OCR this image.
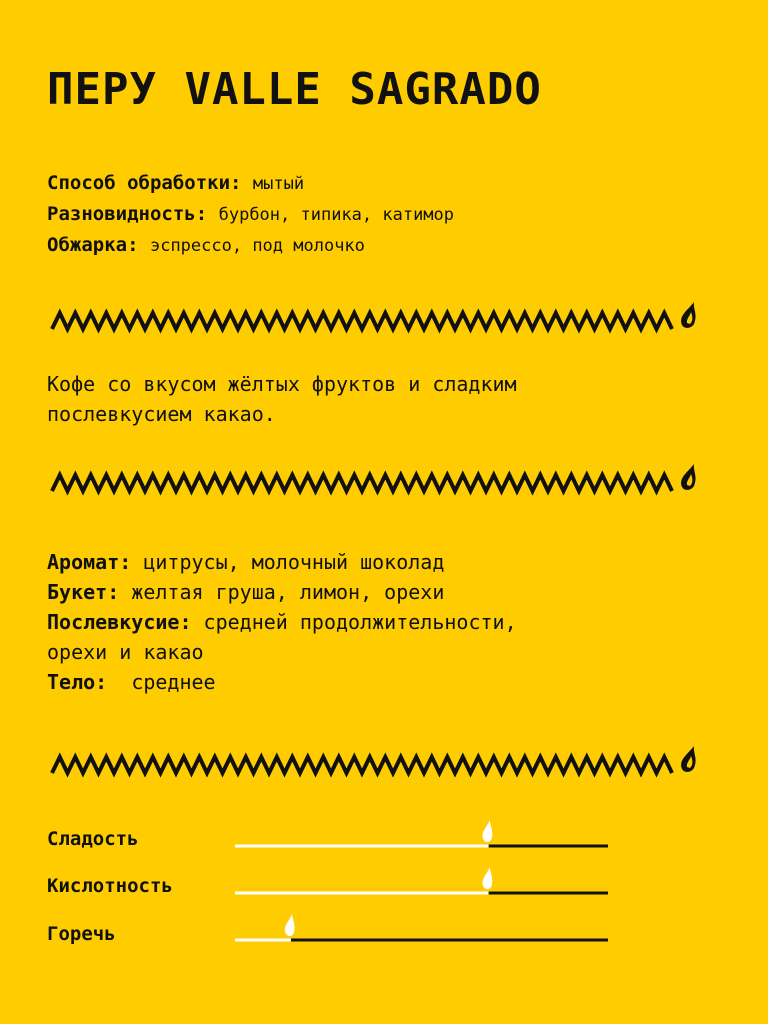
ПЕРУ VALLE SAGRADO
Способ обработки: мытый
Разновидность: бурбон, типика, катимор
Обжарка: эспрессо, под молочко
Кофе со вкусом жёлтых фруктов и сладким
послевкусием какао.
Аромат: цитрусы, молочный шоколад
Букет: желтая груша, лимон, орехи
Послевкусие: средней продолжительности,
орехи и какао
Тело: среднее
Сладость
Кислотность
Горечь
